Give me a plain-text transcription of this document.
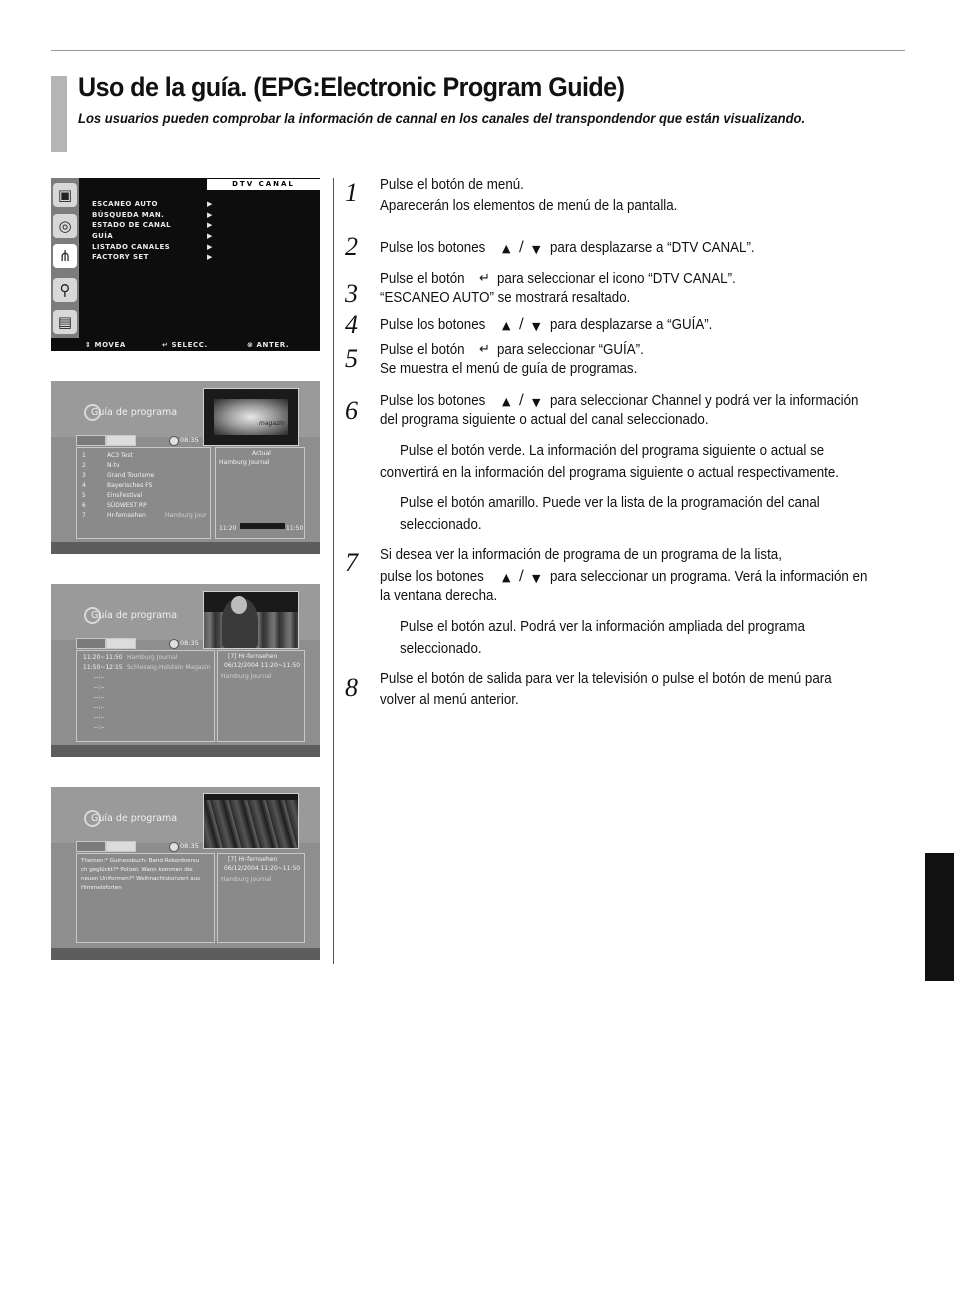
Uso de la guía. (EPG:Electronic Program Guide)

Los usuarios pueden comprobar la información de cannal en los canales del transpondendor que están visualizando.

▣
◎
⋔
⚲
▤
DTV CANAL
ESCANEO AUTO	▶
BÚSQUEDA MAN.	▶
ESTADO DE CANAL	▶
GUÍA	▶
LISTADO CANALES	▶
FACTORY SET	▶
⇕ MOVEA	↵ SELECC.	⊗ ANTER.
Guía de programa
magazin
08:35
1	AC3 Test
2	N-tv
3	Grand Tourisme
4	Bayerisches FS
5	EinsFestival
6	SÜDWEST RP
7	Hr-fernsehen	Hamburg Jour
Actual
Hamburg Journal
11:20	11:50
Guía de programa
08:35
11:20~11:50 Hamburg Journal
11:50~12:15 Schleswig-Holstein Magazin
--:--
--:--
--:--
--:--
--:--
--:--
[7] Hr-fernsehen
06/12/2004 11:20~11:50
Hamburg Journal
Guía de programa
08:35
Themen:* Guinessbuch: Band-Rekordversu
ch geglückt?* Polizei: Wann kommen die
neuen Uniformen?* Weihnachtskonzert aus
Himmelsforten
[7] Hr-fernsehen
06/12/2004 11:20~11:50
Hamburg Journal
1 Pulse el botón de menú.
Aparecerán los elementos de menú de la pantalla.
2 Pulse los botones ▲ / ▼ para desplazarse a “DTV CANAL”.
3 Pulse el botón ↵ para seleccionar el icono “DTV CANAL”.
“ESCANEO AUTO” se mostrará resaltado.
4 Pulse los botones ▲ / ▼ para desplazarse a “GUÍA”.
5 Pulse el botón ↵ para seleccionar “GUÍA”.
Se muestra el menú de guía de programas.
6 Pulse los botones ▲ / ▼ para seleccionar Channel y podrá ver la información
del programa siguiente o actual del canal seleccionado.
Pulse el botón verde. La información del programa siguiente o actual se
convertirá en la información del programa siguiente o actual respectivamente.
Pulse el botón amarillo. Puede ver la lista de la programación del canal
seleccionado.
7 Si desea ver la información de programa de un programa de la lista,
pulse los botones ▲ / ▼ para seleccionar un programa. Verá la información en
la ventana derecha.
Pulse el botón azul. Podrá ver la información ampliada del programa
seleccionado.
8 Pulse el botón de salida para ver la televisión o pulse el botón de menú para
volver al menú anterior.
